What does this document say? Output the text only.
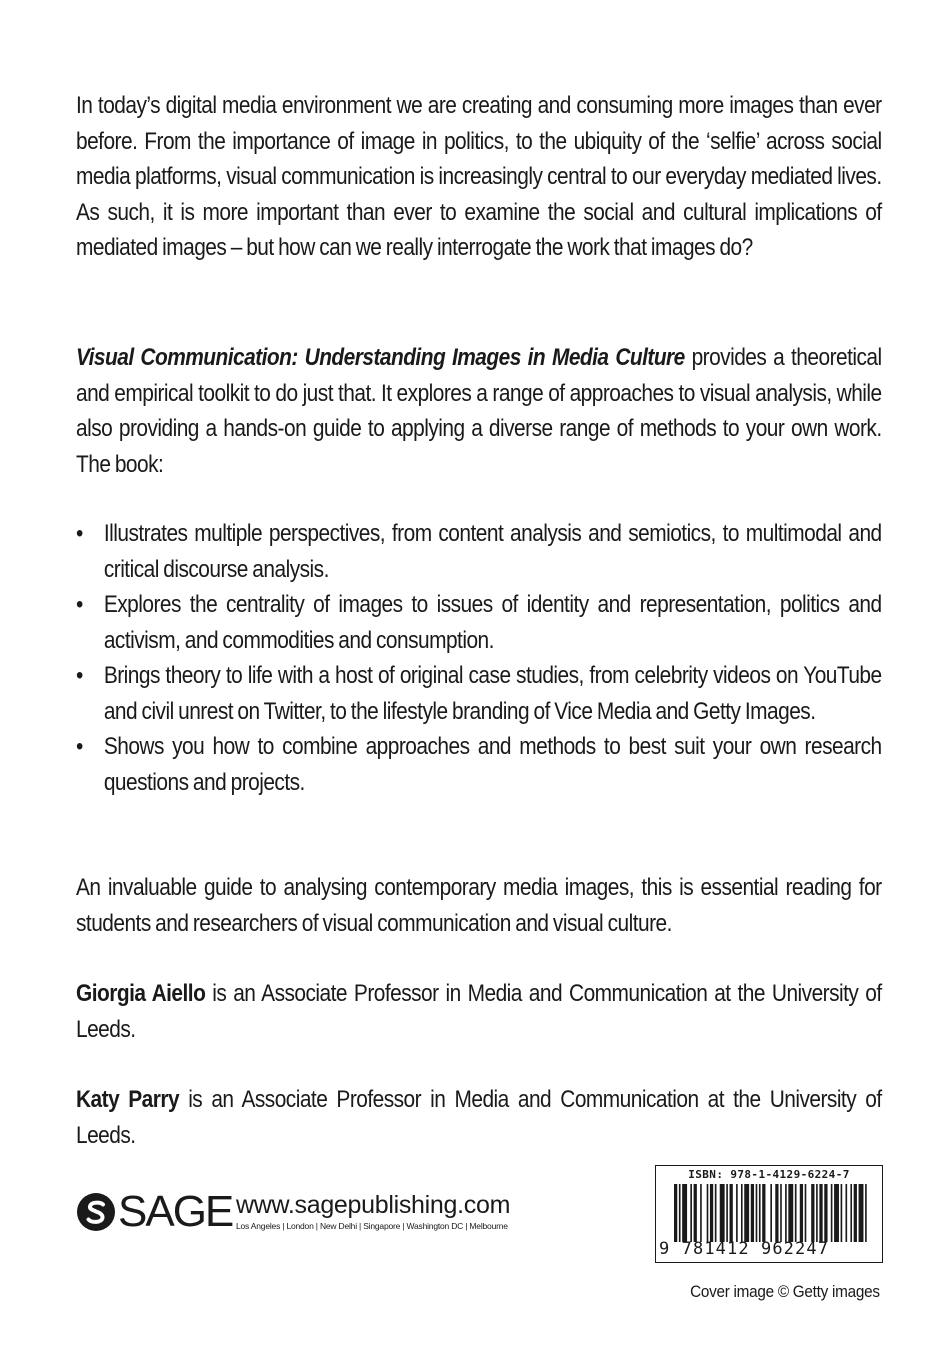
In today’s digital media environment we are creating and consuming more images than ever before. From the importance of image in politics, to the ubiquity of the ‘selfie’ across social media platforms, visual communication is increasingly central to our everyday mediated lives. As such, it is more important than ever to examine the social and cultural implications of mediated images – but how can we really interrogate the work that images do?

Visual Communication: Understanding Images in Media Culture provides a theoretical and empirical toolkit to do just that. It explores a range of approaches to visual analysis, while also providing a hands-on guide to applying a diverse range of methods to your own work. The book:

• Illustrates multiple perspectives, from content analysis and semiotics, to multimodal and critical discourse analysis.
• Explores the centrality of images to issues of identity and representation, politics and activism, and commodities and consumption.
• Brings theory to life with a host of original case studies, from celebrity videos on YouTube and civil unrest on Twitter, to the lifestyle branding of Vice Media and Getty Images.
• Shows you how to combine approaches and methods to best suit your own research questions and projects.

An invaluable guide to analysing contemporary media images, this is essential reading for students and researchers of visual communication and visual culture.

Giorgia Aiello is an Associate Professor in Media and Communication at the University of Leeds.

Katy Parry is an Associate Professor in Media and Communication at the University of Leeds.

SAGE www.sagepublishing.com
Los Angeles | London | New Delhi | Singapore | Washington DC | Melbourne
ISBN: 978-1-4129-6224-7
9 781412 962247
Cover image © Getty images
